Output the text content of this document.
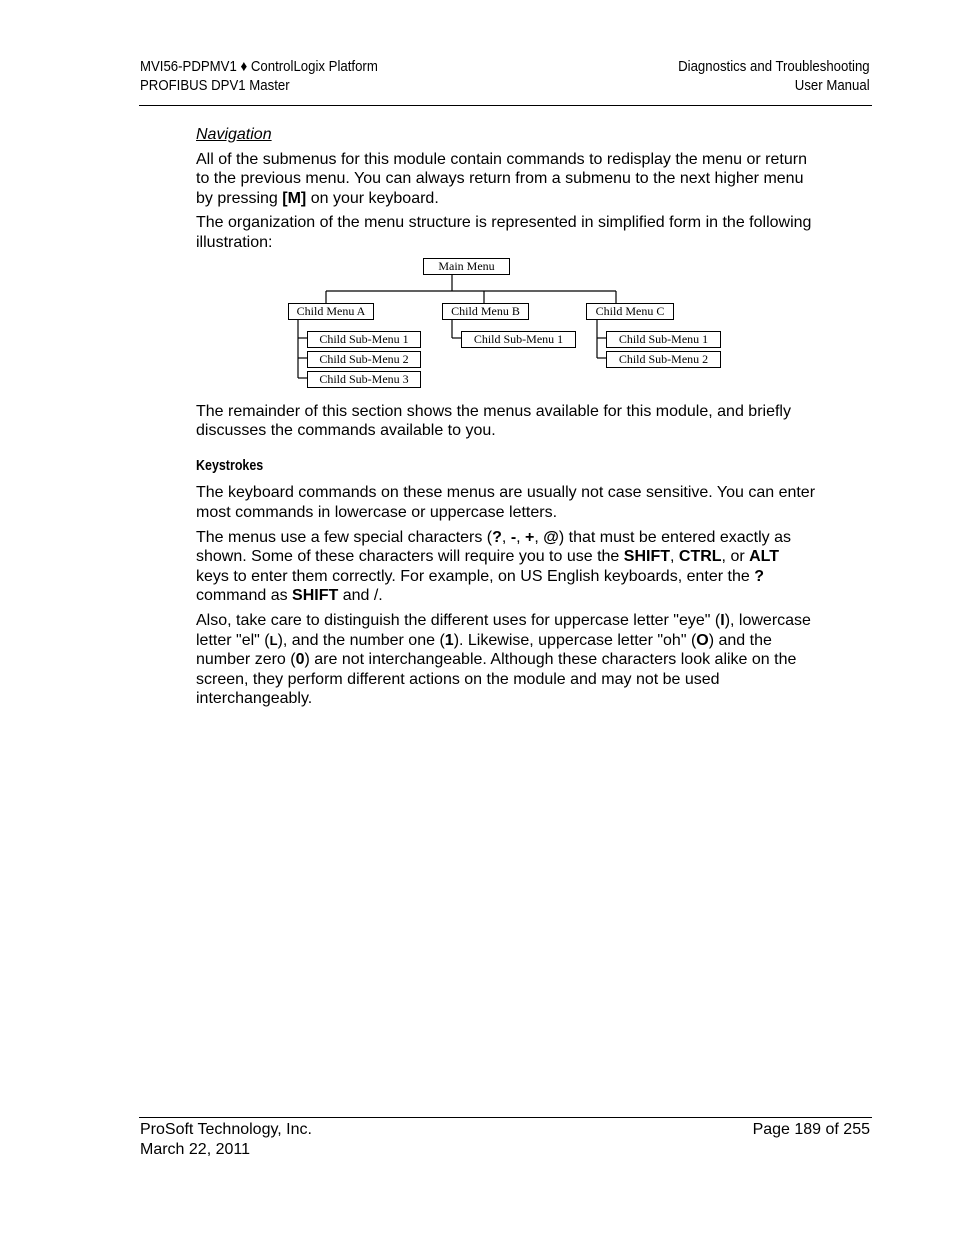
MVI56-PDPMV1 ♦ ControlLogix Platform
PROFIBUS DPV1 Master
Diagnostics and Troubleshooting
User Manual

Navigation

All of the submenus for this module contain commands to redisplay the menu or return to the previous menu. You can always return from a submenu to the next higher menu by pressing [M] on your keyboard.

The organization of the menu structure is represented in simplified form in the following illustration:

Main Menu
Child Menu A	Child Menu B	Child Menu C
Child Sub-Menu 1
Child Sub-Menu 2
Child Sub-Menu 3
Child Sub-Menu 1	Child Sub-Menu 1
Child Sub-Menu 2

The remainder of this section shows the menus available for this module, and briefly discusses the commands available to you.

Keystrokes

The keyboard commands on these menus are usually not case sensitive. You can enter most commands in lowercase or uppercase letters.

The menus use a few special characters (?, -, +, @) that must be entered exactly as shown. Some of these characters will require you to use the SHIFT, CTRL, or ALT keys to enter them correctly. For example, on US English keyboards, enter the ? command as SHIFT and /.

Also, take care to distinguish the different uses for uppercase letter "eye" (I), lowercase letter "el" (L), and the number one (1). Likewise, uppercase letter "oh" (O) and the number zero (0) are not interchangeable. Although these characters look alike on the screen, they perform different actions on the module and may not be used interchangeably.

ProSoft Technology, Inc.
March 22, 2011
Page 189 of 255
